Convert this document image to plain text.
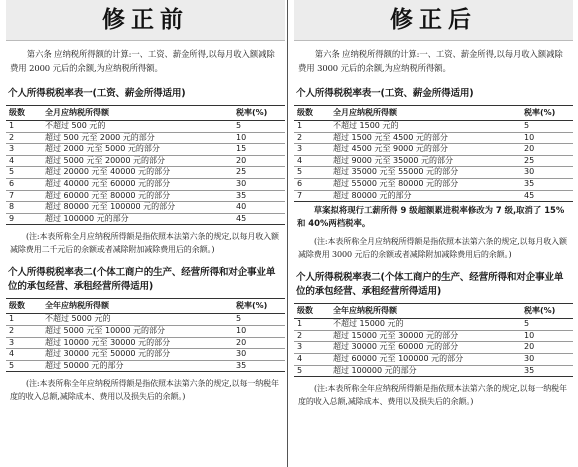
修正前
第六条 应纳税所得额的计算:一、工资、薪金所得,以每月收入额减除费用 2000 元后的余额,为应纳税所得额。
个人所得税税率表一(工资、薪金所得适用)
级数	全月应纳税所得额	税率(%)
1	不超过 500 元的	5
2	超过 500 元至 2000 元的部分	10
3	超过 2000 元至 5000 元的部分	15
4	超过 5000 元至 20000 元的部分	20
5	超过 20000 元至 40000 元的部分	25
6	超过 40000 元至 60000 元的部分	30
7	超过 60000 元至 80000 元的部分	35
8	超过 80000 元至 100000 元的部分	40
9	超过 100000 元的部分	45
(注:本表所称全月应纳税所得额是指依照本法第六条的规定,以每月收入额减除费用二千元后的余额或者减除附加减除费用后的余额。)
个人所得税税率表二(个体工商户的生产、经营所得和对企事业单位的承包经营、承租经营所得适用)
级数	全年应纳税所得额	税率(%)
1	不超过 5000 元的	5
2	超过 5000 元至 10000 元的部分	10
3	超过 10000 元至 30000 元的部分	20
4	超过 30000 元至 50000 元的部分	30
5	超过 50000 元的部分	35
(注:本表所称全年应纳税所得额是指依照本法第六条的规定,以每一纳税年度的收入总额,减除成本、费用以及损失后的余额。)
修正后
第六条 应纳税所得额的计算:一、工资、薪金所得,以每月收入额减除费用 3000 元后的余额,为应纳税所得额。
个人所得税税率表一(工资、薪金所得适用)
级数	全月应纳税所得额	税率(%)
1	不超过 1500 元的	5
2	超过 1500 元至 4500 元的部分	10
3	超过 4500 元至 9000 元的部分	20
4	超过 9000 元至 35000 元的部分	25
5	超过 35000 元至 55000 元的部分	30
6	超过 55000 元至 80000 元的部分	35
7	超过 80000 元的部分	45
草案拟将现行工薪所得 9 级超额累进税率修改为 7 级,取消了 15%和 40%两档税率。
(注:本表所称全月应纳税所得额是指依照本法第六条的规定,以每月收入额减除费用 3000 元后的余额或者减除附加减除费用后的余额。)
个人所得税税率表二(个体工商户的生产、经营所得和对企事业单位的承包经营、承租经营所得适用)
级数	全年应纳税所得额	税率(%)
1	不超过 15000 元的	5
2	超过 15000 元至 30000 元的部分	10
3	超过 30000 元至 60000 元的部分	20
4	超过 60000 元至 100000 元的部分	30
5	超过 100000 元的部分	35
(注:本表所称全年应纳税所得额是指依照本法第六条的规定,以每一纳税年度的收入总额,减除成本、费用以及损失后的余额。)
